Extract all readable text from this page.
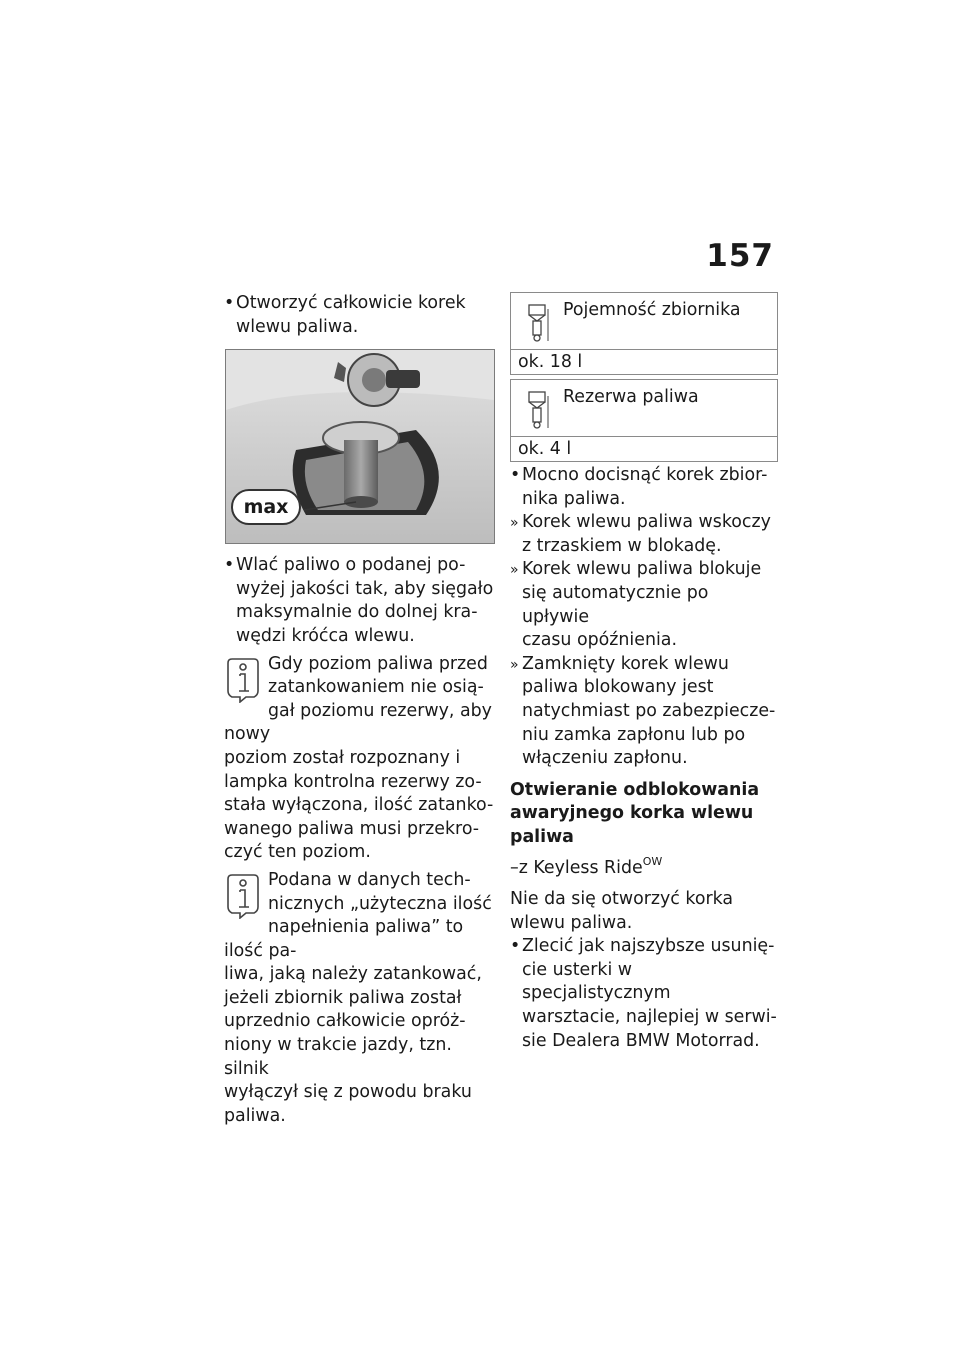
157
• Otworzyć całkowicie korek
wlewu paliwa.
max
• Wlać paliwo o podanej po-
wyżej jakości tak, aby sięgało
maksymalnie do dolnej kra-
wędzi króćca wlewu.
Gdy poziom paliwa przed
zatankowaniem nie osią-
gał poziomu rezerwy, aby nowy
poziom został rozpoznany i
lampka kontrolna rezerwy zo-
stała wyłączona, ilość zatanko-
wanego paliwa musi przekro-
czyć ten poziom.
Podana w danych tech-
nicznych „użyteczna ilość
napełnienia paliwa” to ilość pa-
liwa, jaką należy zatankować,
jeżeli zbiornik paliwa został
uprzednio całkowicie opróż-
niony w trakcie jazdy, tzn. silnik
wyłączył się z powodu braku
paliwa.
Pojemność zbiornika
ok. 18 l
Rezerwa paliwa
ok. 4 l
• Mocno docisnąć korek zbior-
nika paliwa.
» Korek wlewu paliwa wskoczy
z trzaskiem w blokadę.
» Korek wlewu paliwa blokuje
się automatycznie po upływie
czasu opóźnienia.
» Zamknięty korek wlewu
paliwa blokowany jest
natychmiast po zabezpiecze-
niu zamka zapłonu lub po
włączeniu zapłonu.
Otwieranie odblokowania
awaryjnego korka wlewu
paliwa
–z Keyless Ride$^{OW}$
Nie da się otworzyć korka
wlewu paliwa.
• Zlecić jak najszybsze usunię-
cie usterki w specjalistycznym
warsztacie, najlepiej w serwi-
sie Dealera BMW Motorrad.
